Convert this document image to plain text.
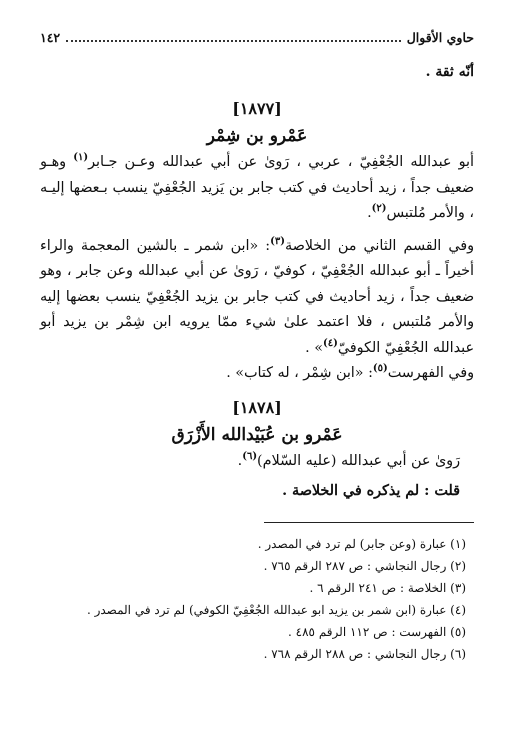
حاوي الأقوال
١٤٢
أنّه ثقة .
[١٨٧٧]
عَمْرو بن شِمْر

أبو عبدالله الجُعْفِيّ ، عربي ، رَوىٰ عن أبي عبدالله وعـن جـابر$^{(١)}$ وهـو ضعيف جداً ، زيد أحاديث في كتب جابر بن يَزيد الجُعْفِيّ ينسب بـعضها إليـه ، والأمر مُلتبس$^{(٢)}$.

وفي القسم الثاني من الخلاصة$^{(٣)}$: «ابن شمر ـ بالشين المعجمة والراء أخيراً ـ أبو عبدالله الجُعْفِيّ ، كوفيّ ، رَوىٰ عن أبي عبدالله وعن جابر ، وهو ضعيف جداً ، زيد أحاديث في كتب جابر بن يزيد الجُعْفِيّ ينسب بعضها إليه والأمر مُلتبس ، فلا اعتمد علىٰ شيء ممّا يرويه ابن شِمْر بن يزيد أبو عبدالله الجُعْفِيّ الكوفيّ$^{(٤)}$» .

وفي الفهرست$^{(٥)}$: «ابن شِمْر ، له كتاب» .

[١٨٧٨]
عَمْرو بن عُبَيْدالله الأَزْرَق

رَوىٰ عن أبي عبدالله (عليه السّلام)$^{(٦)}$.

قلت : لم يذكره في الخلاصة .

(١) عبارة (وعن جابر) لم ترد في المصدر .
(٢) رجال النجاشي : ص ٢٨٧ الرقم ٧٦٥ .
(٣) الخلاصة : ص ٢٤١ الرقم ٦ .
(٤) عبارة (ابن شمر بن يزيد ابو عبدالله الجُعْفِيّ الكوفي) لم ترد في المصدر .
(٥) الفهرست : ص ١١٢ الرقم ٤٨٥ .
(٦) رجال النجاشي : ص ٢٨٨ الرقم ٧٦٨ .
